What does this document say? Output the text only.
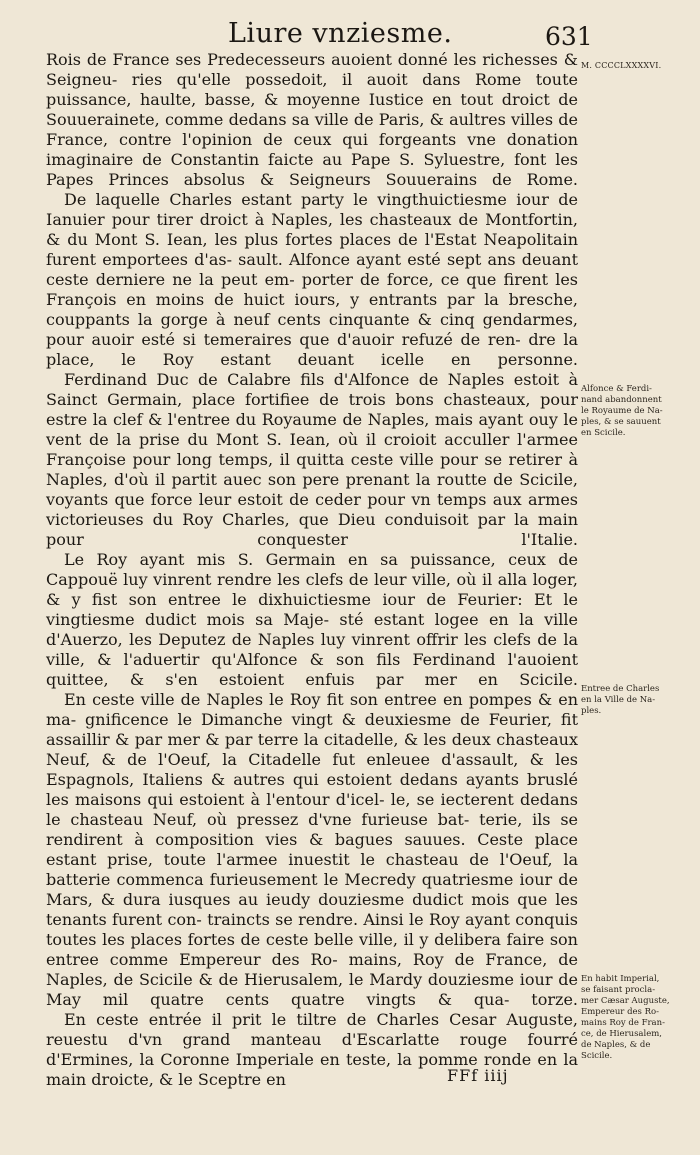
Liure vnziesme.	631

Rois de France ses Predecesseurs auoient donné les richesses & Seigneu- ries qu'elle possedoit, il auoit dans Rome toute puissance, haulte, basse, & moyenne Iustice en tout droict de Souuerainete, comme dedans sa ville de Paris, & aultres villes de France, contre l'opinion de ceux qui forgeants vne donation imaginaire de Constantin faicte au Pape S. Syluestre, font les Papes Princes absolus & Seigneurs Souuerains de Rome.

De laquelle Charles estant party le vingthuictiesme iour de Ianuier pour tirer droict à Naples, les chasteaux de Montfortin, & du Mont S. Iean, les plus fortes places de l'Estat Neapolitain furent emportees d'as- sault. Alfonce ayant esté sept ans deuant ceste derniere ne la peut em- porter de force, ce que firent les François en moins de huict iours, y entrants par la bresche, couppants la gorge à neuf cents cinquante & cinq gendarmes, pour auoir esté si temeraires que d'auoir refuzé de ren- dre la place, le Roy estant deuant icelle en personne.

Ferdinand Duc de Calabre fils d'Alfonce de Naples estoit à Sainct Germain, place fortifiee de trois bons chasteaux, pour estre la clef & l'entree du Royaume de Naples, mais ayant ouy le vent de la prise du Mont S. Iean, où il croioit acculler l'armee Françoise pour long temps, il quitta ceste ville pour se retirer à Naples, d'où il partit auec son pere prenant la routte de Scicile, voyants que force leur estoit de ceder pour vn temps aux armes victorieuses du Roy Charles, que Dieu conduisoit par la main pour conquester l'Italie.

Le Roy ayant mis S. Germain en sa puissance, ceux de Cappouë luy vinrent rendre les clefs de leur ville, où il alla loger, & y fist son entree le dixhuictiesme iour de Feurier: Et le vingtiesme dudict mois sa Maje- sté estant logee en la ville d'Auerzo, les Deputez de Naples luy vinrent offrir les clefs de la ville, & l'aduertir qu'Alfonce & son fils Ferdinand l'auoient quittee, & s'en estoient enfuis par mer en Scicile.

En ceste ville de Naples le Roy fit son entree en pompes & en ma- gnificence le Dimanche vingt & deuxiesme de Feurier, fit assaillir & par mer & par terre la citadelle, & les deux chasteaux Neuf, & de l'Oeuf, la Citadelle fut enleuee d'assault, & les Espagnols, Italiens & autres qui estoient dedans ayants bruslé les maisons qui estoient à l'entour d'icel- le, se iecterent dedans le chasteau Neuf, où pressez d'vne furieuse bat- terie, ils se rendirent à composition vies & bagues sauues. Ceste place estant prise, toute l'armee inuestit le chasteau de l'Oeuf, la batterie commenca furieusement le Mecredy quatriesme iour de Mars, & dura iusques au ieudy douziesme dudict mois que les tenants furent con- traincts se rendre. Ainsi le Roy ayant conquis toutes les places fortes de ceste belle ville, il y delibera faire son entree comme Empereur des Ro- mains, Roy de France, de Naples, de Scicile & de Hierusalem, le Mardy douziesme iour de May mil quatre cents quatre vingts & qua- torze.

En ceste entrée il prit le tiltre de Charles Cesar Auguste, reuestu d'vn grand manteau d'Escarlatte rouge fourré d'Ermines, la Coronne Imperiale en teste, la pomme ronde en la main droicte, & le Sceptre en

M. CCCCLXXXXVI.
Alfonce & Ferdi-
nand abandonnent
le Royaume de Na-
ples, & se sauuent
en Scicile.
Entree de Charles
en la Ville de Na-
ples.
En habit Imperial,
se faisant procla-
mer Cæsar Auguste,
Empereur des Ro-
mains Roy de Fran-
ce, de Hierusalem,
de Naples, & de
Scicile.
FFf iiij
